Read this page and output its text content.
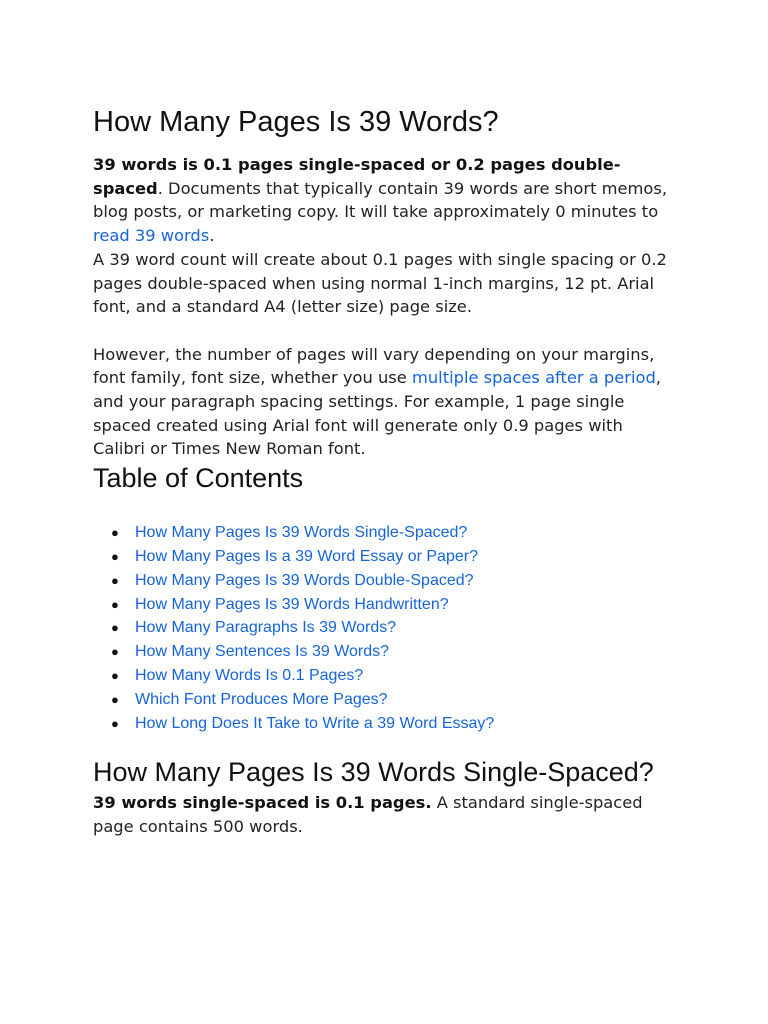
How Many Pages Is 39 Words?

39 words is 0.1 pages single-spaced or 0.2 pages double-spaced. Documents that typically contain 39 words are short memos, blog posts, or marketing copy. It will take approximately 0 minutes to read 39 words.

A 39 word count will create about 0.1 pages with single spacing or 0.2 pages double-spaced when using normal 1-inch margins, 12 pt. Arial font, and a standard A4 (letter size) page size.

However, the number of pages will vary depending on your margins, font family, font size, whether you use multiple spaces after a period, and your paragraph spacing settings. For example, 1 page single spaced created using Arial font will generate only 0.9 pages with Calibri or Times New Roman font.

Table of Contents
● How Many Pages Is 39 Words Single-Spaced?
● How Many Pages Is a 39 Word Essay or Paper?
● How Many Pages Is 39 Words Double-Spaced?
● How Many Pages Is 39 Words Handwritten?
● How Many Paragraphs Is 39 Words?
● How Many Sentences Is 39 Words?
● How Many Words Is 0.1 Pages?
● Which Font Produces More Pages?
● How Long Does It Take to Write a 39 Word Essay?
How Many Pages Is 39 Words Single-Spaced?

39 words single-spaced is 0.1 pages. A standard single-spaced page contains 500 words.
